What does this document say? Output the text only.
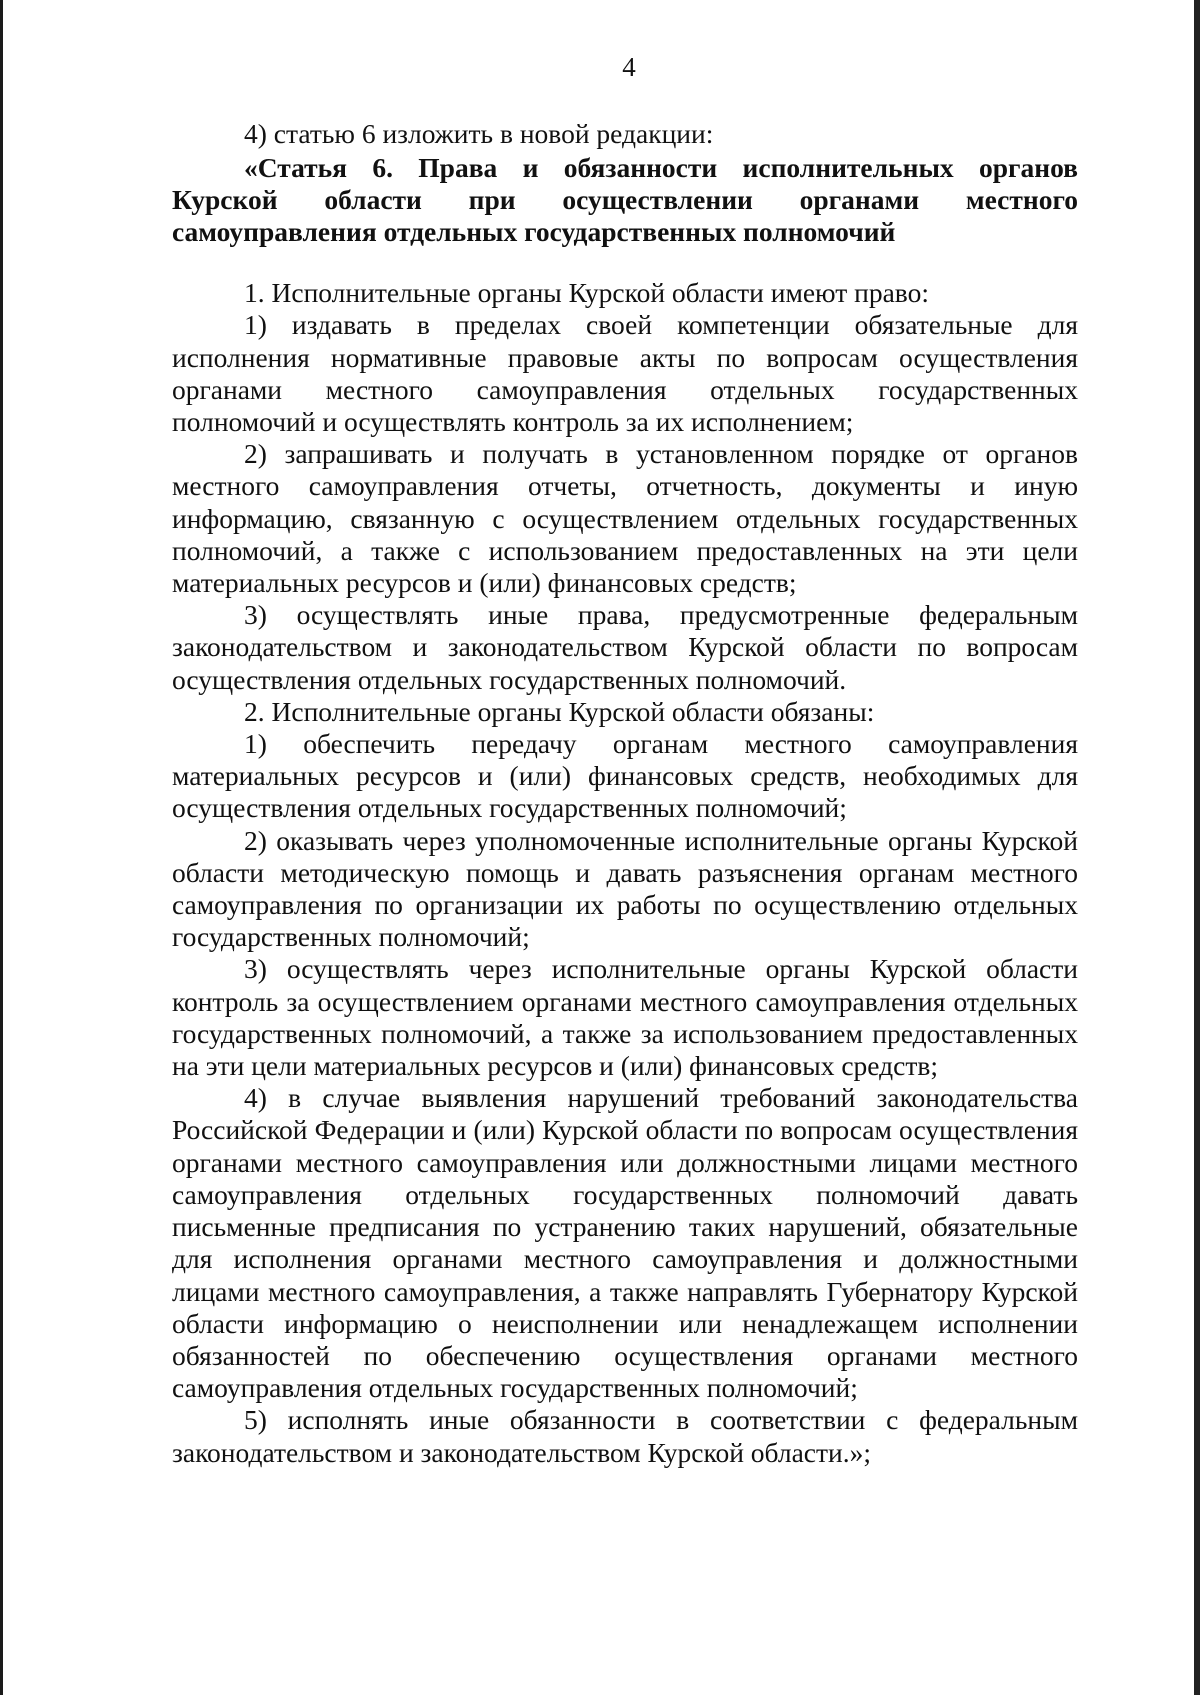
4

4) статью 6 изложить в новой редакции:

«Статья 6. Права и обязанности исполнительных органов Курской области при осуществлении органами местного самоуправления отдельных государственных полномочий

1. Исполнительные органы Курской области имеют право:

1) издавать в пределах своей компетенции обязательные для исполнения нормативные правовые акты по вопросам осуществления органами местного самоуправления отдельных государственных полномочий и осуществлять контроль за их исполнением;

2) запрашивать и получать в установленном порядке от органов местного самоуправления отчеты, отчетность, документы и иную информацию, связанную с осуществлением отдельных государственных полномочий, а также с использованием предоставленных на эти цели материальных ресурсов и (или) финансовых средств;

3) осуществлять иные права, предусмотренные федеральным законодательством и законодательством Курской области по вопросам осуществления отдельных государственных полномочий.

2. Исполнительные органы Курской области обязаны:

1) обеспечить передачу органам местного самоуправления материальных ресурсов и (или) финансовых средств, необходимых для осуществления отдельных государственных полномочий;

2) оказывать через уполномоченные исполнительные органы Курской области методическую помощь и давать разъяснения органам местного самоуправления по организации их работы по осуществлению отдельных государственных полномочий;

3) осуществлять через исполнительные органы Курской области контроль за осуществлением органами местного самоуправления отдельных государственных полномочий, а также за использованием предоставленных на эти цели материальных ресурсов и (или) финансовых средств;

4) в случае выявления нарушений требований законодательства Российской Федерации и (или) Курской области по вопросам осуществления органами местного самоуправления или должностными лицами местного самоуправления отдельных государственных полномочий давать письменные предписания по устранению таких нарушений, обязательные для исполнения органами местного самоуправления и должностными лицами местного самоуправления, а также направлять Губернатору Курской области информацию о неисполнении или ненадлежащем исполнении обязанностей по обеспечению осуществления органами местного самоуправления отдельных государственных полномочий;

5) исполнять иные обязанности в соответствии с федеральным законодательством и законодательством Курской области.»;
